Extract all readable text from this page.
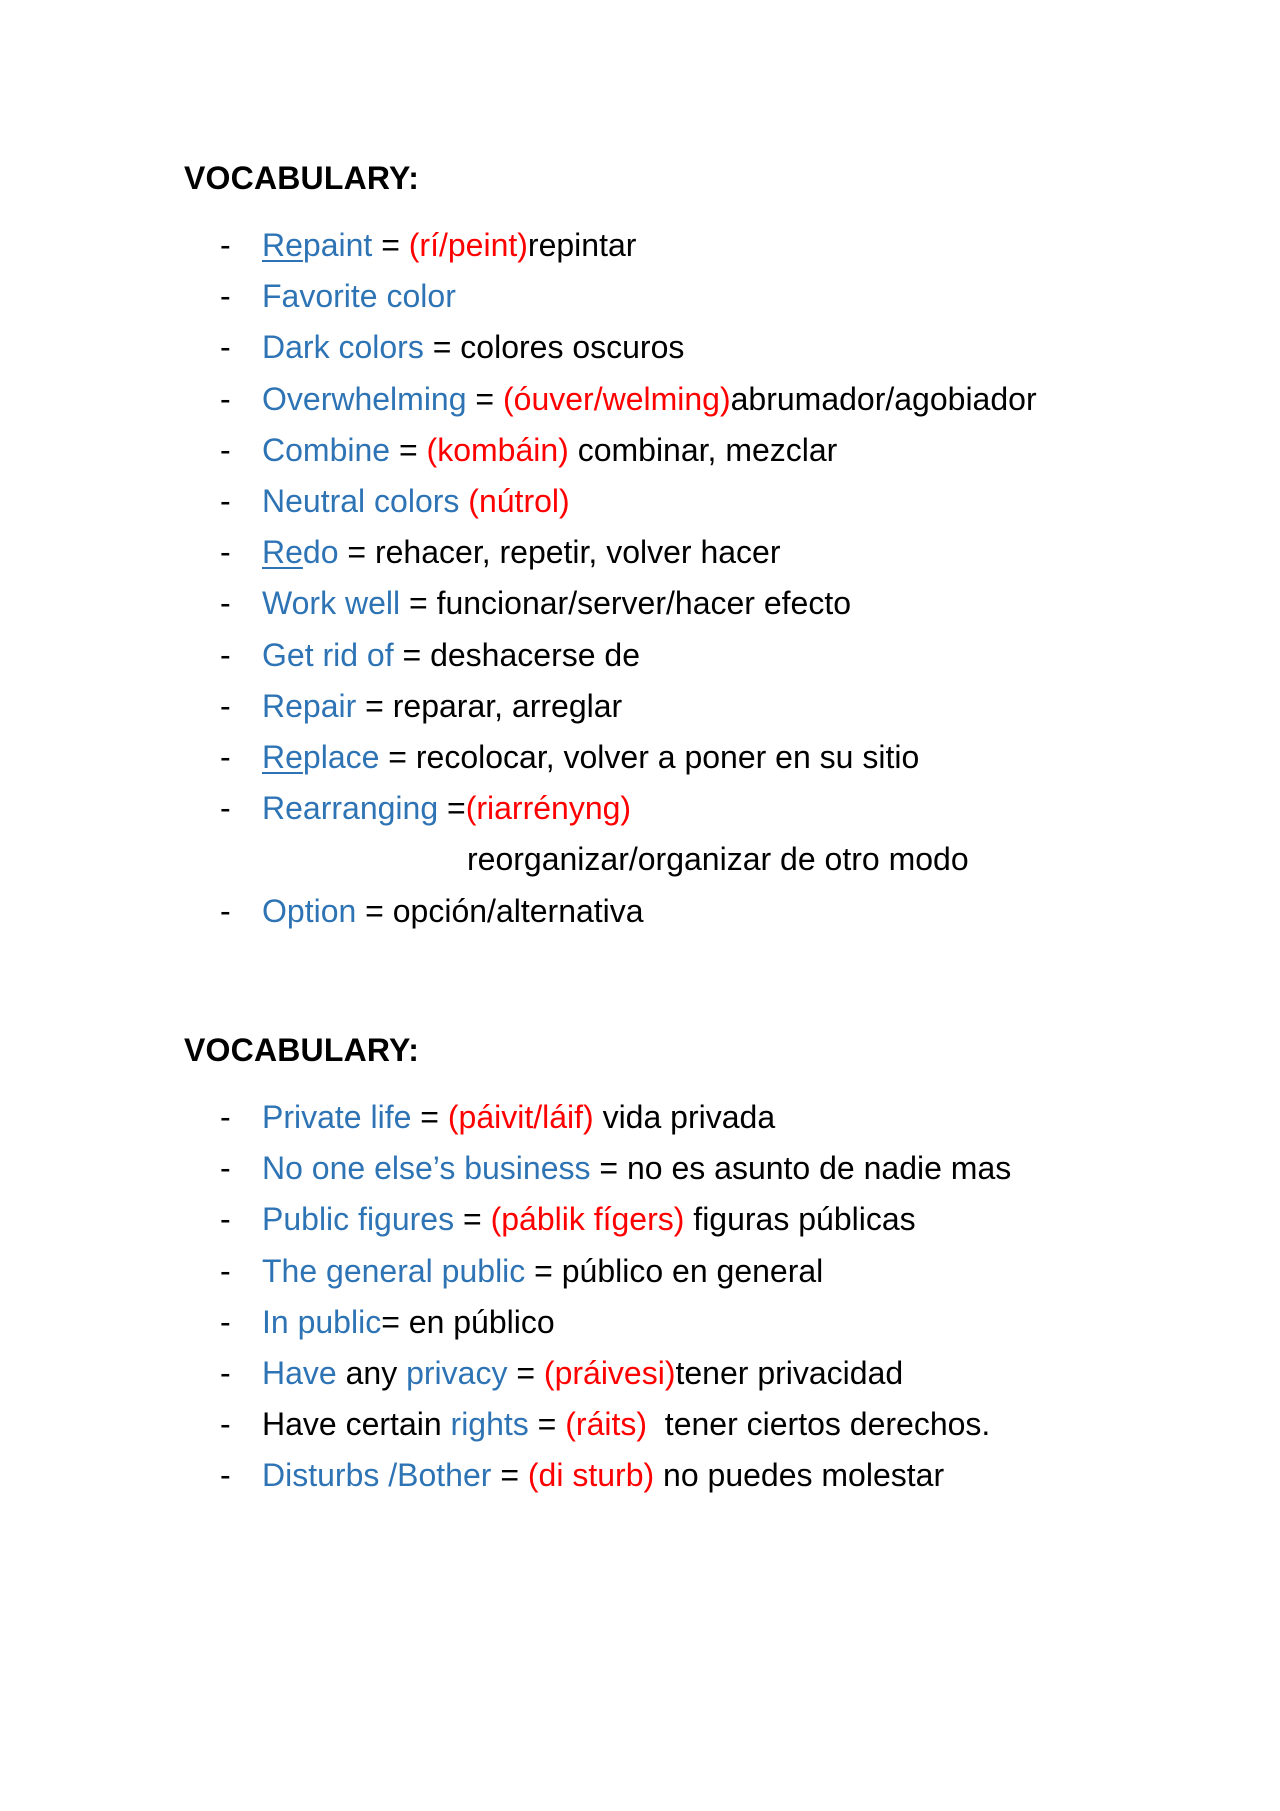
VOCABULARY:
- Repaint = (rí/peint)repintar
- Favorite color
- Dark colors = colores oscuros
- Overwhelming = (óuver/welming)abrumador/agobiador
- Combine = (kombáin) combinar, mezclar
- Neutral colors (nútrol)
- Redo = rehacer, repetir, volver hacer
- Work well = funcionar/server/hacer efecto
- Get rid of = deshacerse de
- Repair = reparar, arreglar
- Replace = recolocar, volver a poner en su sitio
- Rearranging =(riarrényng)
reorganizar/organizar de otro modo
- Option = opción/alternativa
VOCABULARY:
- Private life = (páivit/láif) vida privada
- No one else’s business = no es asunto de nadie mas
- Public figures = (páblik fígers) figuras públicas
- The general public = público en general
- In public= en público
- Have any privacy = (práivesi)tener privacidad
- Have certain rights = (ráits)  tener ciertos derechos.
- Disturbs /Bother = (di sturb) no puedes molestar
